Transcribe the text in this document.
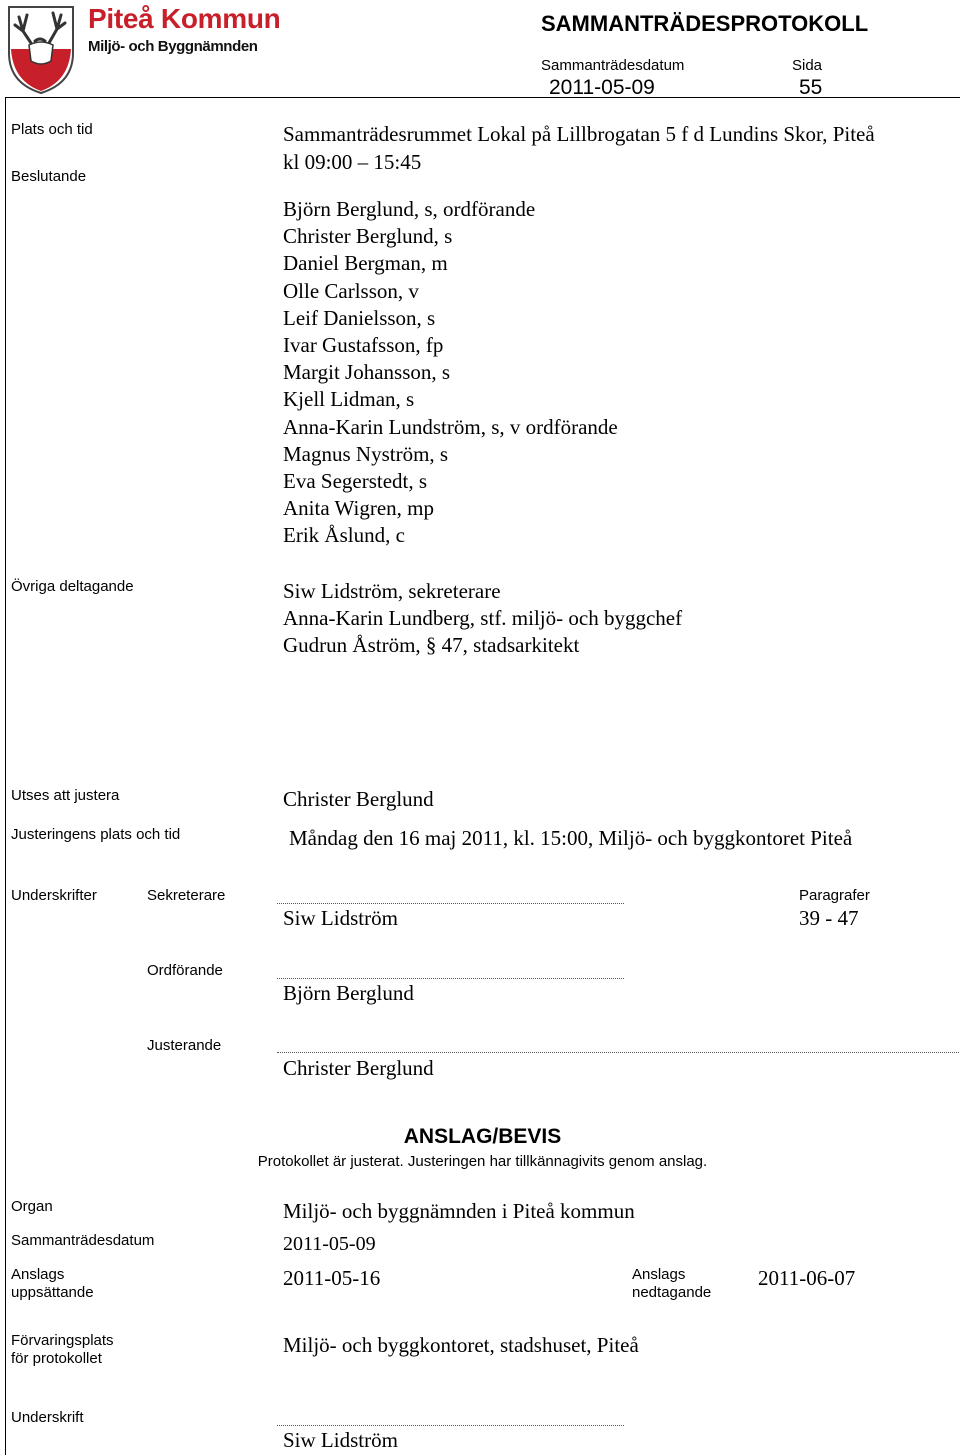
Piteå Kommun
Miljö- och Byggnämnden
SAMMANTRÄDESPROTOKOLL
Sammanträdesdatum
2011-05-09
Sida
55
Plats och tid	Sammanträdesrummet Lokal på Lillbrogatan 5 f d Lundins Skor, Piteå
kl 09:00 – 15:45
Beslutande
Björn Berglund, s, ordförande
Christer Berglund, s
Daniel Bergman, m
Olle Carlsson, v
Leif Danielsson, s
Ivar Gustafsson, fp
Margit Johansson, s
Kjell Lidman, s
Anna-Karin Lundström, s, v ordförande
Magnus Nyström, s
Eva Segerstedt, s
Anita Wigren, mp
Erik Åslund, c
Övriga deltagande	Siw Lidström, sekreterare
Anna-Karin Lundberg, stf. miljö- och byggchef
Gudrun Åström, § 47, stadsarkitekt
Utses att justera	Christer Berglund
Justeringens plats och tid	Måndag den 16 maj 2011, kl. 15:00, Miljö- och byggkontoret Piteå
Underskrifter	Sekreterare
Siw Lidström
Paragrafer
39 - 47
Ordförande
Björn Berglund
Justerande
Christer Berglund
ANSLAG/BEVIS
Protokollet är justerat. Justeringen har tillkännagivits genom anslag.
Organ	Miljö- och byggnämnden i Piteå kommun
Sammanträdesdatum	2011-05-09
Anslags
uppsättande
2011-05-16	Anslags
nedtagande
2011-06-07
Förvaringsplats
för protokollet
Miljö- och byggkontoret, stadshuset, Piteå
Underskrift
Siw Lidström
